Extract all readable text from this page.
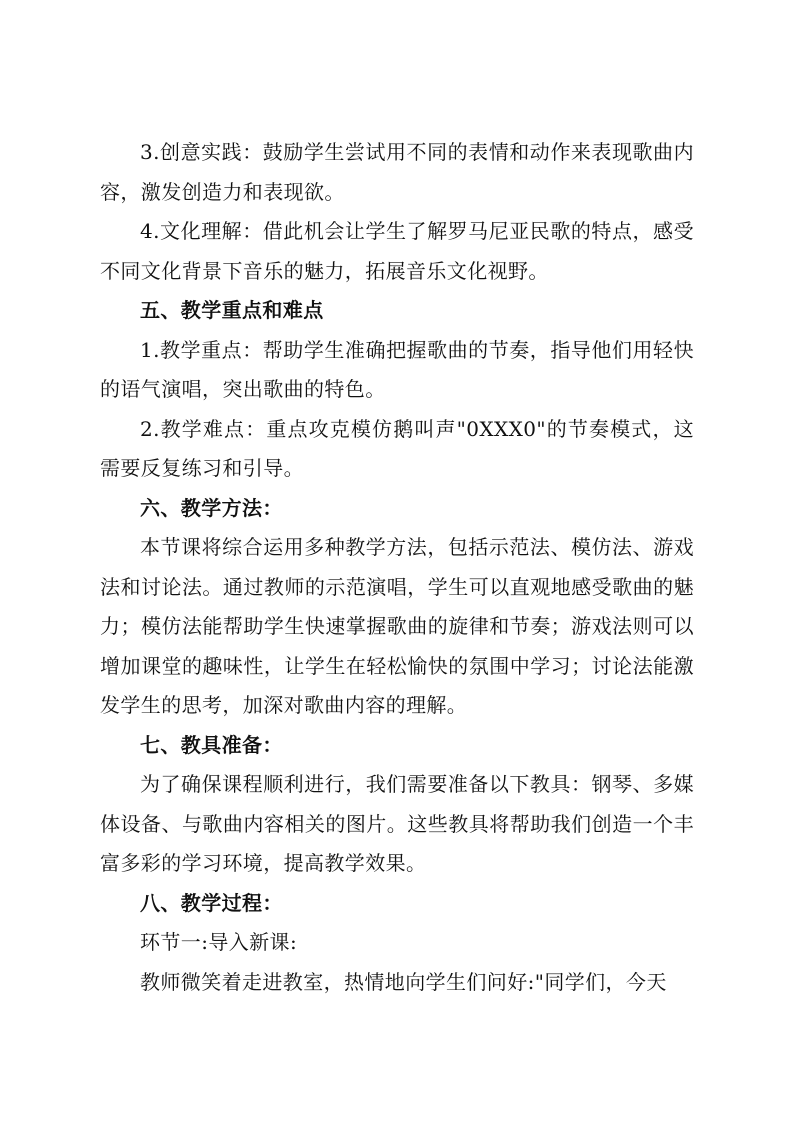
3.创意实践：鼓励学生尝试用不同的表情和动作来表现歌曲内容，激发创造力和表现欲。

4.文化理解：借此机会让学生了解罗马尼亚民歌的特点，感受不同文化背景下音乐的魅力，拓展音乐文化视野。

五、教学重点和难点

1.教学重点：帮助学生准确把握歌曲的节奏，指导他们用轻快的语气演唱，突出歌曲的特色。

2.教学难点：重点攻克模仿鹅叫声"0XXX0"的节奏模式，这需要反复练习和引导。

六、教学方法：

本节课将综合运用多种教学方法，包括示范法、模仿法、游戏法和讨论法。通过教师的示范演唱，学生可以直观地感受歌曲的魅力；模仿法能帮助学生快速掌握歌曲的旋律和节奏；游戏法则可以增加课堂的趣味性，让学生在轻松愉快的氛围中学习；讨论法能激发学生的思考，加深对歌曲内容的理解。

七、教具准备：

为了确保课程顺利进行，我们需要准备以下教具：钢琴、多媒体设备、与歌曲内容相关的图片。这些教具将帮助我们创造一个丰富多彩的学习环境，提高教学效果。

八、教学过程：

环节一:导入新课:

教师微笑着走进教室，热情地向学生们问好:"同学们，今天
